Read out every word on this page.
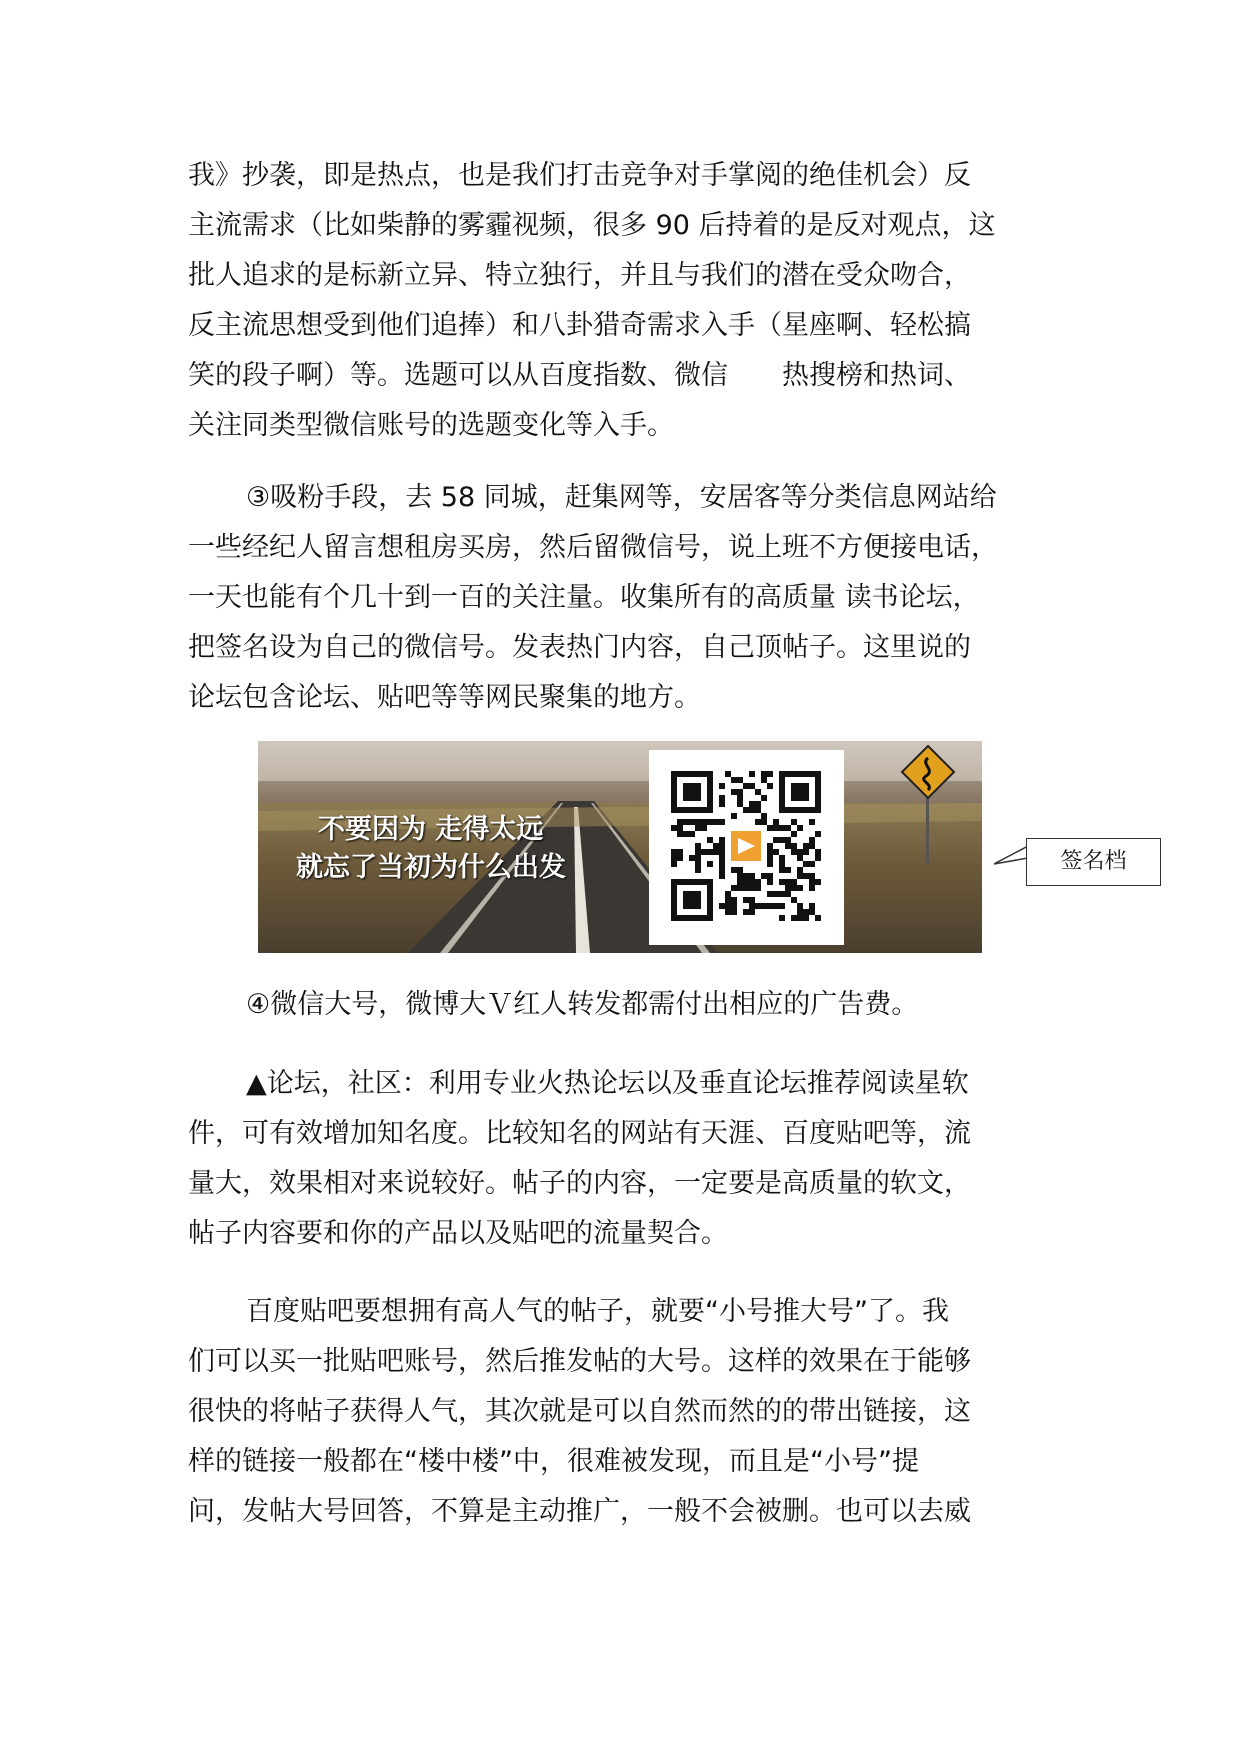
我》抄袭，即是热点，也是我们打击竞争对手掌阅的绝佳机会）反
主流需求（比如柴静的雾霾视频，很多 90 后持着的是反对观点，这
批人追求的是标新立异、特立独行，并且与我们的潜在受众吻合，
反主流思想受到他们追捧）和八卦猎奇需求入手（星座啊、轻松搞
笑的段子啊）等。选题可以从百度指数、微信　　热搜榜和热词、
关注同类型微信账号的选题变化等入手。
③吸粉手段，去 58 同城，赶集网等，安居客等分类信息网站给
一些经纪人留言想租房买房，然后留微信号，说上班不方便接电话，
一天也能有个几十到一百的关注量。收集所有的高质量 读书论坛，
把签名设为自己的微信号。发表热门内容，自己顶帖子。这里说的
论坛包含论坛、贴吧等等网民聚集的地方。
不要因为 走得太远
就忘了当初为什么出发	签名档
④微信大号，微博大Ｖ红人转发都需付出相应的广告费。
▲论坛，社区：利用专业火热论坛以及垂直论坛推荐阅读星软
件，可有效增加知名度。比较知名的网站有天涯、百度贴吧等，流
量大，效果相对来说较好。帖子的内容，一定要是高质量的软文，
帖子内容要和你的产品以及贴吧的流量契合。
百度贴吧要想拥有高人气的帖子，就要“小号推大号”了。我
们可以买一批贴吧账号，然后推发帖的大号。这样的效果在于能够
很快的将帖子获得人气，其次就是可以自然而然的的带出链接，这
样的链接一般都在“楼中楼”中，很难被发现，而且是“小号”提
问，发帖大号回答，不算是主动推广，一般不会被删。也可以去威
